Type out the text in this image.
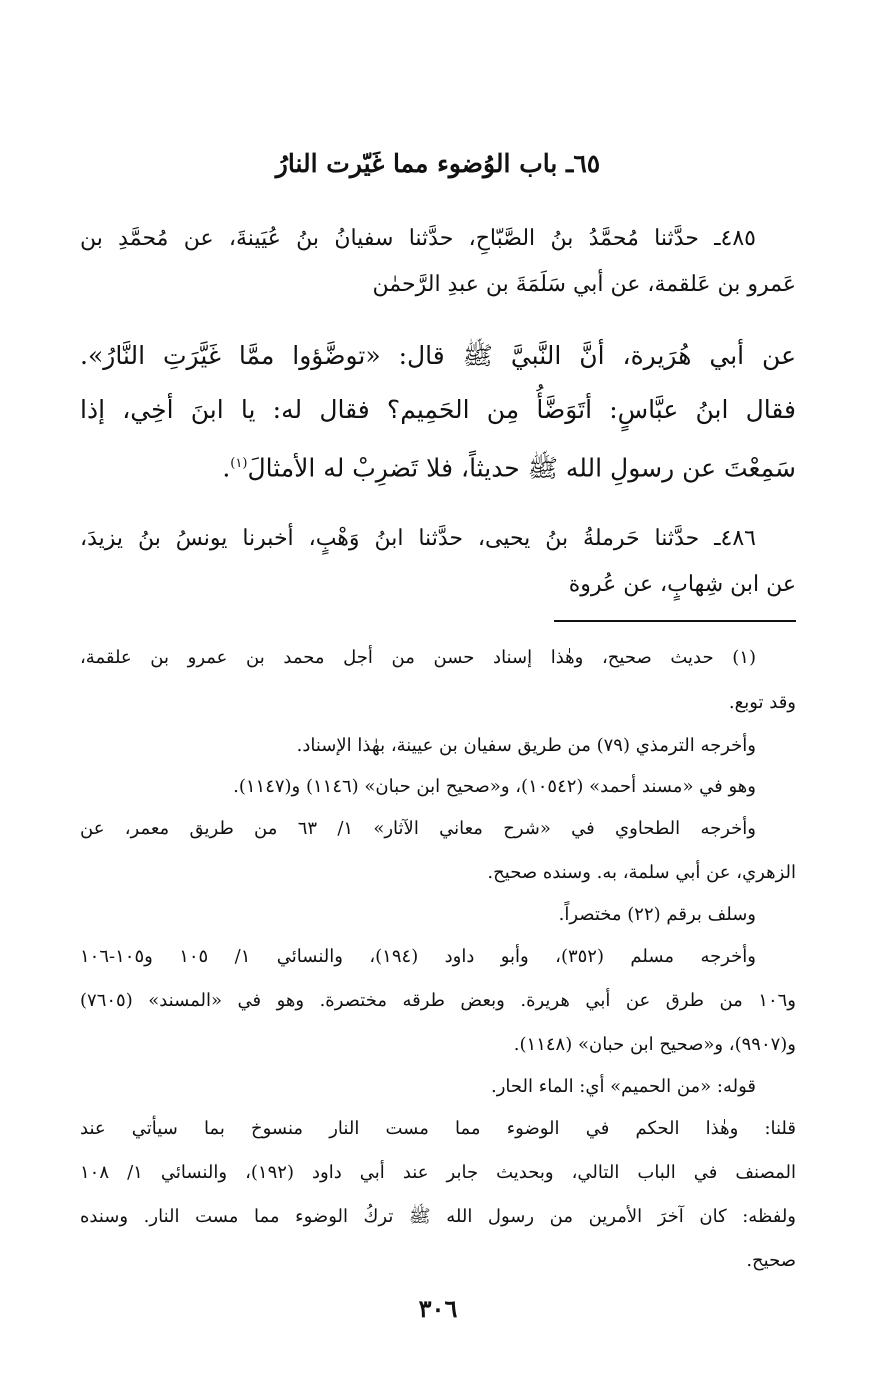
٦٥ـ باب الوُضوء مما غَيّرت النارُ

٤٨٥ـ حدَّثنا مُحمَّدُ بنُ الصَّبّاحِ، حدَّثنا سفيانُ بنُ عُيَينةَ، عن مُحمَّدِ بن

عَمرو بن عَلقمة، عن أبي سَلَمَةَ بن عبدِ الرَّحمٰن

عن أبي هُرَيرة، أنَّ النَّبيَّ ﷺ قال: «توضَّؤوا ممَّا غَيَّرَتِ النَّارُ».

فقال ابنُ عبَّاسٍ: أتَوَضَّأُ مِن الحَمِيم؟ فقال له: يا ابنَ أخِي، إذا

سَمِعْتَ عن رسولِ الله ﷺ حديثاً، فلا تَضرِبْ له الأمثالَ$^{(١)}$.

٤٨٦ـ حدَّثنا حَرملةُ بنُ يحيى، حدَّثنا ابنُ وَهْبٍ، أخبرنا يونسُ بنُ يزيدَ،

عن ابن شِهابٍ، عن عُروة

(١) حديث صحيح، وهٰذا إسناد حسن من أجل محمد بن عمرو بن علقمة،

وقد توبع.

وأخرجه الترمذي (٧٩) من طريق سفيان بن عيينة، بهٰذا الإسناد.

وهو في «مسند أحمد» (١٠٥٤٢)، و«صحيح ابن حبان» (١١٤٦) و(١١٤٧).

وأخرجه الطحاوي في «شرح معاني الآثار» ١/ ٦٣ من طريق معمر، عن

الزهري، عن أبي سلمة، به. وسنده صحيح.

وسلف برقم (٢٢) مختصراً.

وأخرجه مسلم (٣٥٢)، وأبو داود (١٩٤)، والنسائي ١/ ١٠٥ و١٠٥-١٠٦

و١٠٦ من طرق عن أبي هريرة. وبعض طرقه مختصرة. وهو في «المسند» (٧٦٠٥)

و(٩٩٠٧)، و«صحيح ابن حبان» (١١٤٨).

قوله: «من الحميم» أي: الماء الحار.

قلنا: وهٰذا الحكم في الوضوء مما مست النار منسوخ بما سيأتي عند

المصنف في الباب التالي، وبحديث جابر عند أبي داود (١٩٢)، والنسائي ١/ ١٠٨

ولفظه: كان آخرَ الأمرين من رسول الله ﷺ تركُ الوضوء مما مست النار. وسنده

صحيح.

٣٠٦
